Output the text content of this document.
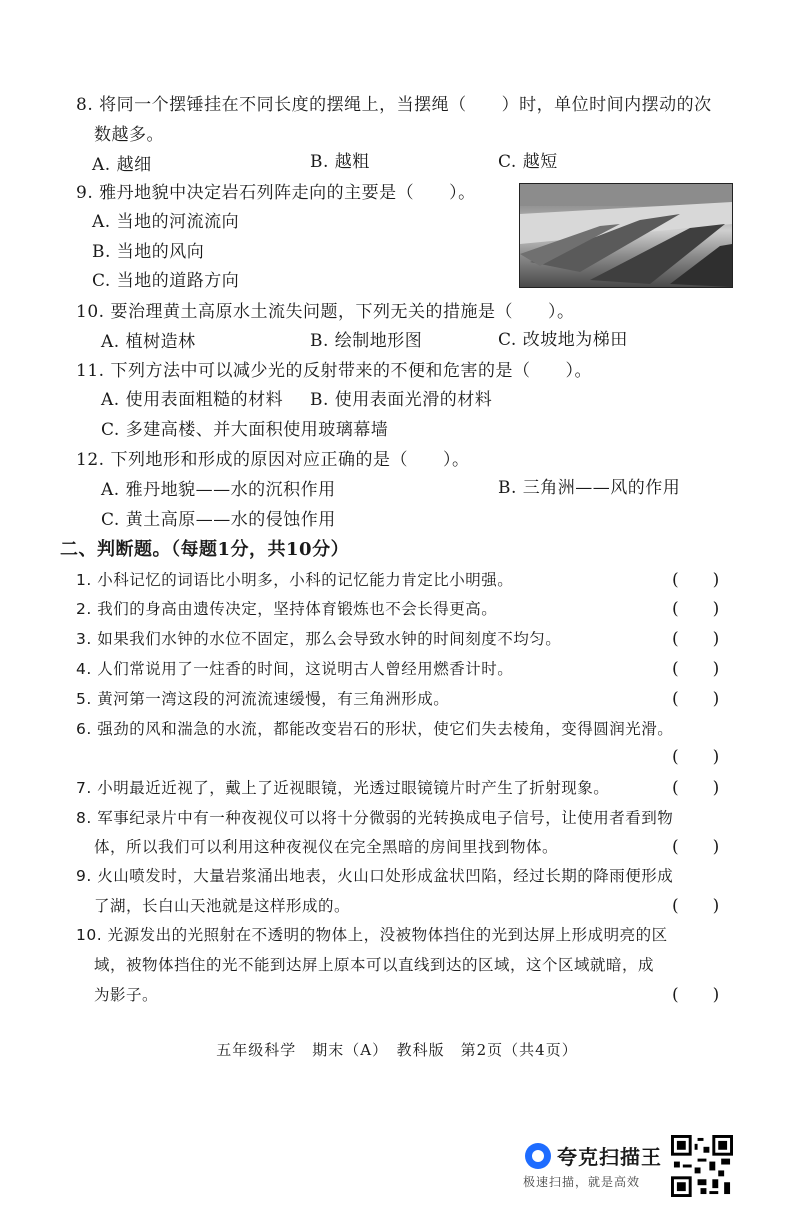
8. 将同一个摆锤挂在不同长度的摆绳上，当摆绳（　　）时，单位时间内摆动的次
数越多。
A. 越细	B. 越粗	C. 越短
9. 雅丹地貌中决定岩石列阵走向的主要是（　　）。
A. 当地的河流流向
B. 当地的风向
C. 当地的道路方向
10. 要治理黄土高原水土流失问题，下列无关的措施是（　　）。
A. 植树造林	B. 绘制地形图	C. 改坡地为梯田
11. 下列方法中可以减少光的反射带来的不便和危害的是（　　）。
A. 使用表面粗糙的材料 B. 使用表面光滑的材料
C. 多建高楼、并大面积使用玻璃幕墙
12. 下列地形和形成的原因对应正确的是（　　）。
A. 雅丹地貌——水的沉积作用	B. 三角洲——风的作用
C. 黄土高原——水的侵蚀作用
二、判断题。（每题1分，共10分）
1. 小科记忆的词语比小明多，小科的记忆能力肯定比小明强。	(　　)
2. 我们的身高由遗传决定，坚持体育锻炼也不会长得更高。	(　　)
3. 如果我们水钟的水位不固定，那么会导致水钟的时间刻度不均匀。	(　　)
4. 人们常说用了一炷香的时间，这说明古人曾经用燃香计时。	(　　)
5. 黄河第一湾这段的河流流速缓慢，有三角洲形成。	(　　)
6. 强劲的风和湍急的水流，都能改变岩石的形状，使它们失去棱角，变得圆润光滑。
(　　)
7. 小明最近近视了，戴上了近视眼镜，光透过眼镜镜片时产生了折射现象。	(　　)
8. 军事纪录片中有一种夜视仪可以将十分微弱的光转换成电子信号，让使用者看到物
体，所以我们可以利用这种夜视仪在完全黑暗的房间里找到物体。	(　　)
9. 火山喷发时，大量岩浆涌出地表，火山口处形成盆状凹陷，经过长期的降雨便形成
了湖，长白山天池就是这样形成的。	(　　)
10. 光源发出的光照射在不透明的物体上，没被物体挡住的光到达屏上形成明亮的区
域，被物体挡住的光不能到达屏上原本可以直线到达的区域，这个区域就暗，成
为影子。	(　　)
五年级科学　期末（A）　教科版　第2页（共4页）
夸克扫描王
极速扫描，就是高效
